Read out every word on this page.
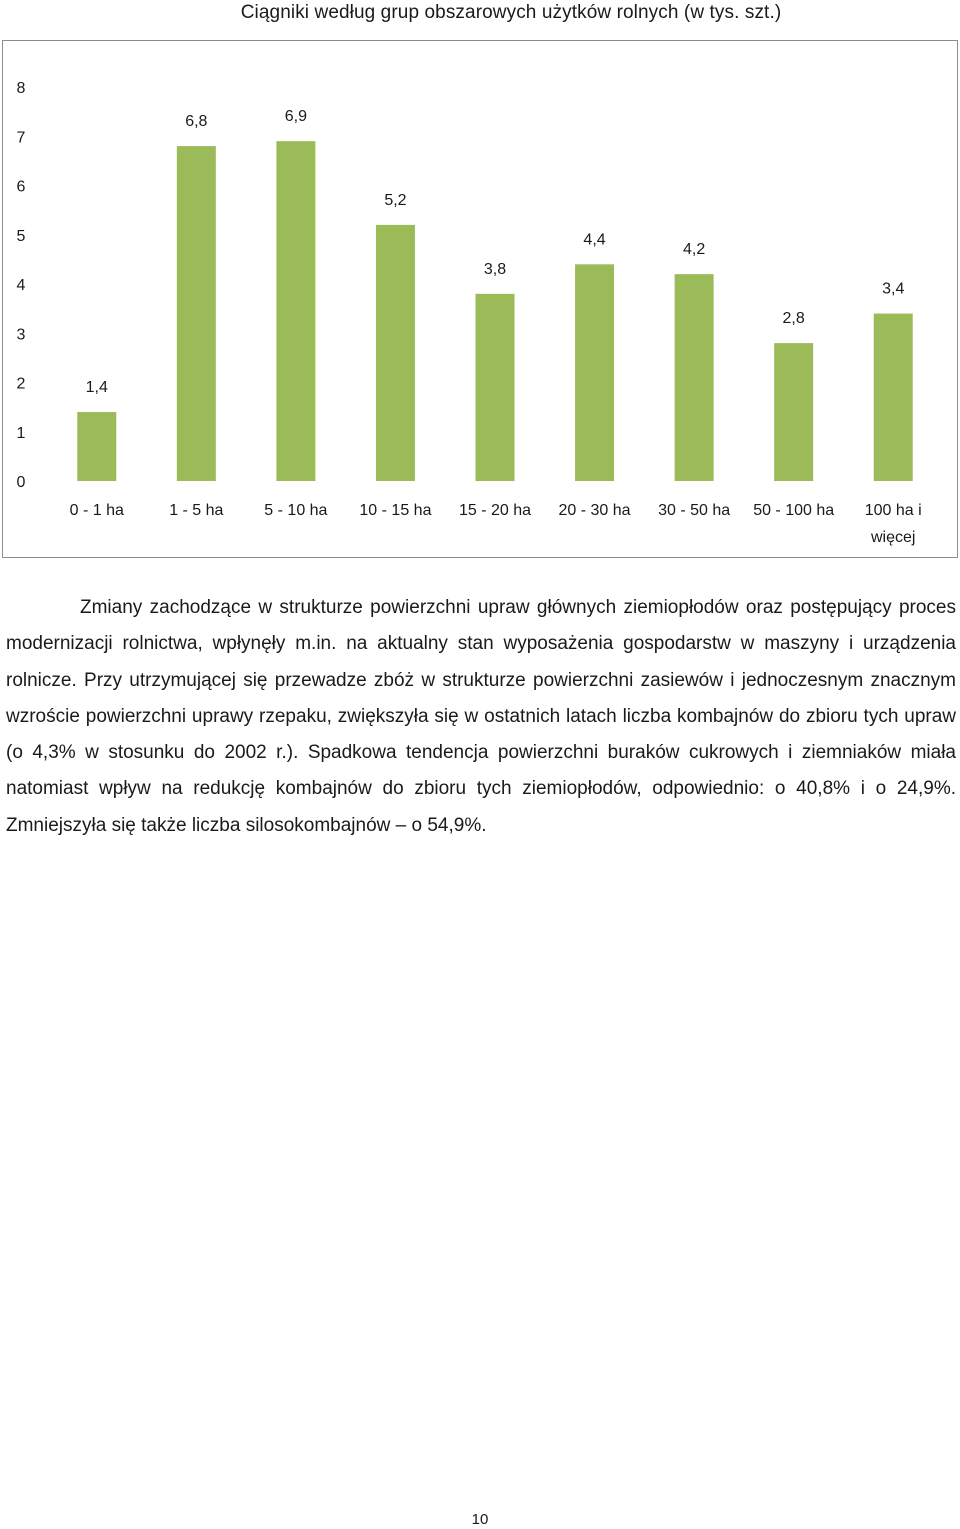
Ciągniki według grup obszarowych użytków rolnych (w tys. szt.)
0
1
2
3
4
5
6
7
8
1,4
0 - 1 ha
6,8
1 - 5 ha
6,9
5 - 10 ha
5,2
10 - 15 ha
3,8
15 - 20 ha
4,4
20 - 30 ha
4,2
30 - 50 ha
2,8
50 - 100 ha
3,4
100 ha i
więcej

Zmiany zachodzące w strukturze powierzchni upraw głównych ziemiopłodów oraz postępujący proces modernizacji rolnictwa, wpłynęły m.in. na aktualny stan wyposażenia gospodarstw w maszyny i urządzenia rolnicze. Przy utrzymującej się przewadze zbóż w strukturze powierzchni zasiewów i jednoczesnym znacznym wzroście powierzchni uprawy rzepaku, zwiększyła się w ostatnich latach liczba kombajnów do zbioru tych upraw (o 4,3% w stosunku do 2002 r.). Spadkowa tendencja powierzchni buraków cukrowych i ziemniaków miała natomiast wpływ na redukcję kombajnów do zbioru tych ziemiopłodów, odpowiednio: o 40,8% i o 24,9%. Zmniejszyła się także liczba silosokombajnów – o 54,9%.

10
